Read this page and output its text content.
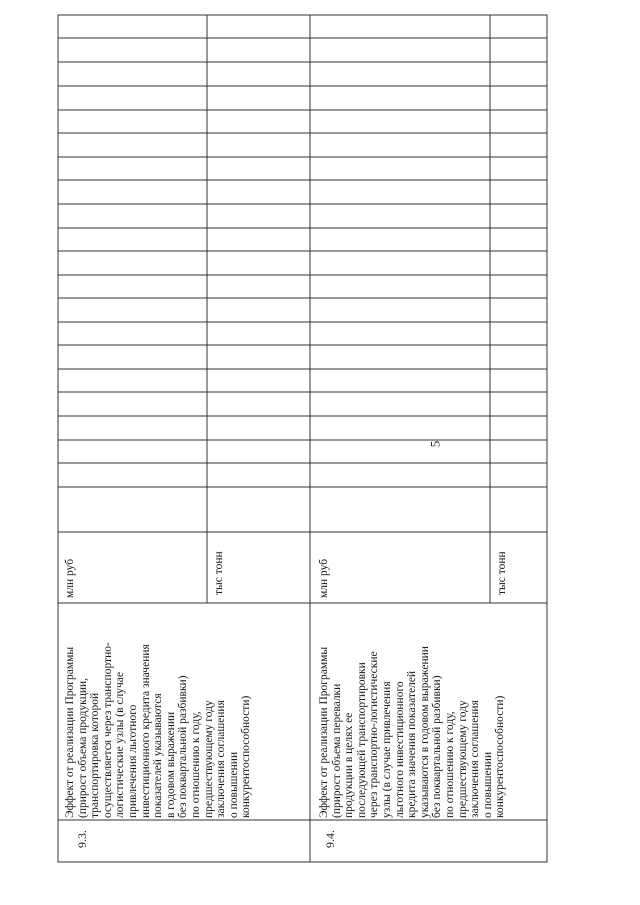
5
9.3.
Эффект от реализации Программы
(прирост объема продукции,
транспортировка которой
осуществляется через транспортно-
логистические узлы (в случае
привлечения льготного
инвестиционного кредита значения
показателей указываются
в годовом выражении
без поквартальной разбивки)
по отношению к году,
предшествующему году
заключения соглашения
о повышении
конкурентоспособности)
млн руб	тыс тонн
9.4.
Эффект от реализации Программы
(прирост объема перевалки
продукции в целях ее
последующей транспортировки
через транспортно-логистические
узлы (в случае привлечения
льготного инвестиционного
кредита значения показателей
указываются в годовом выражении
без поквартальной разбивки)
по отношению к году,
предшествующему году
заключения соглашения
о повышении
конкурентоспособности)
млн руб	тыс тонн
